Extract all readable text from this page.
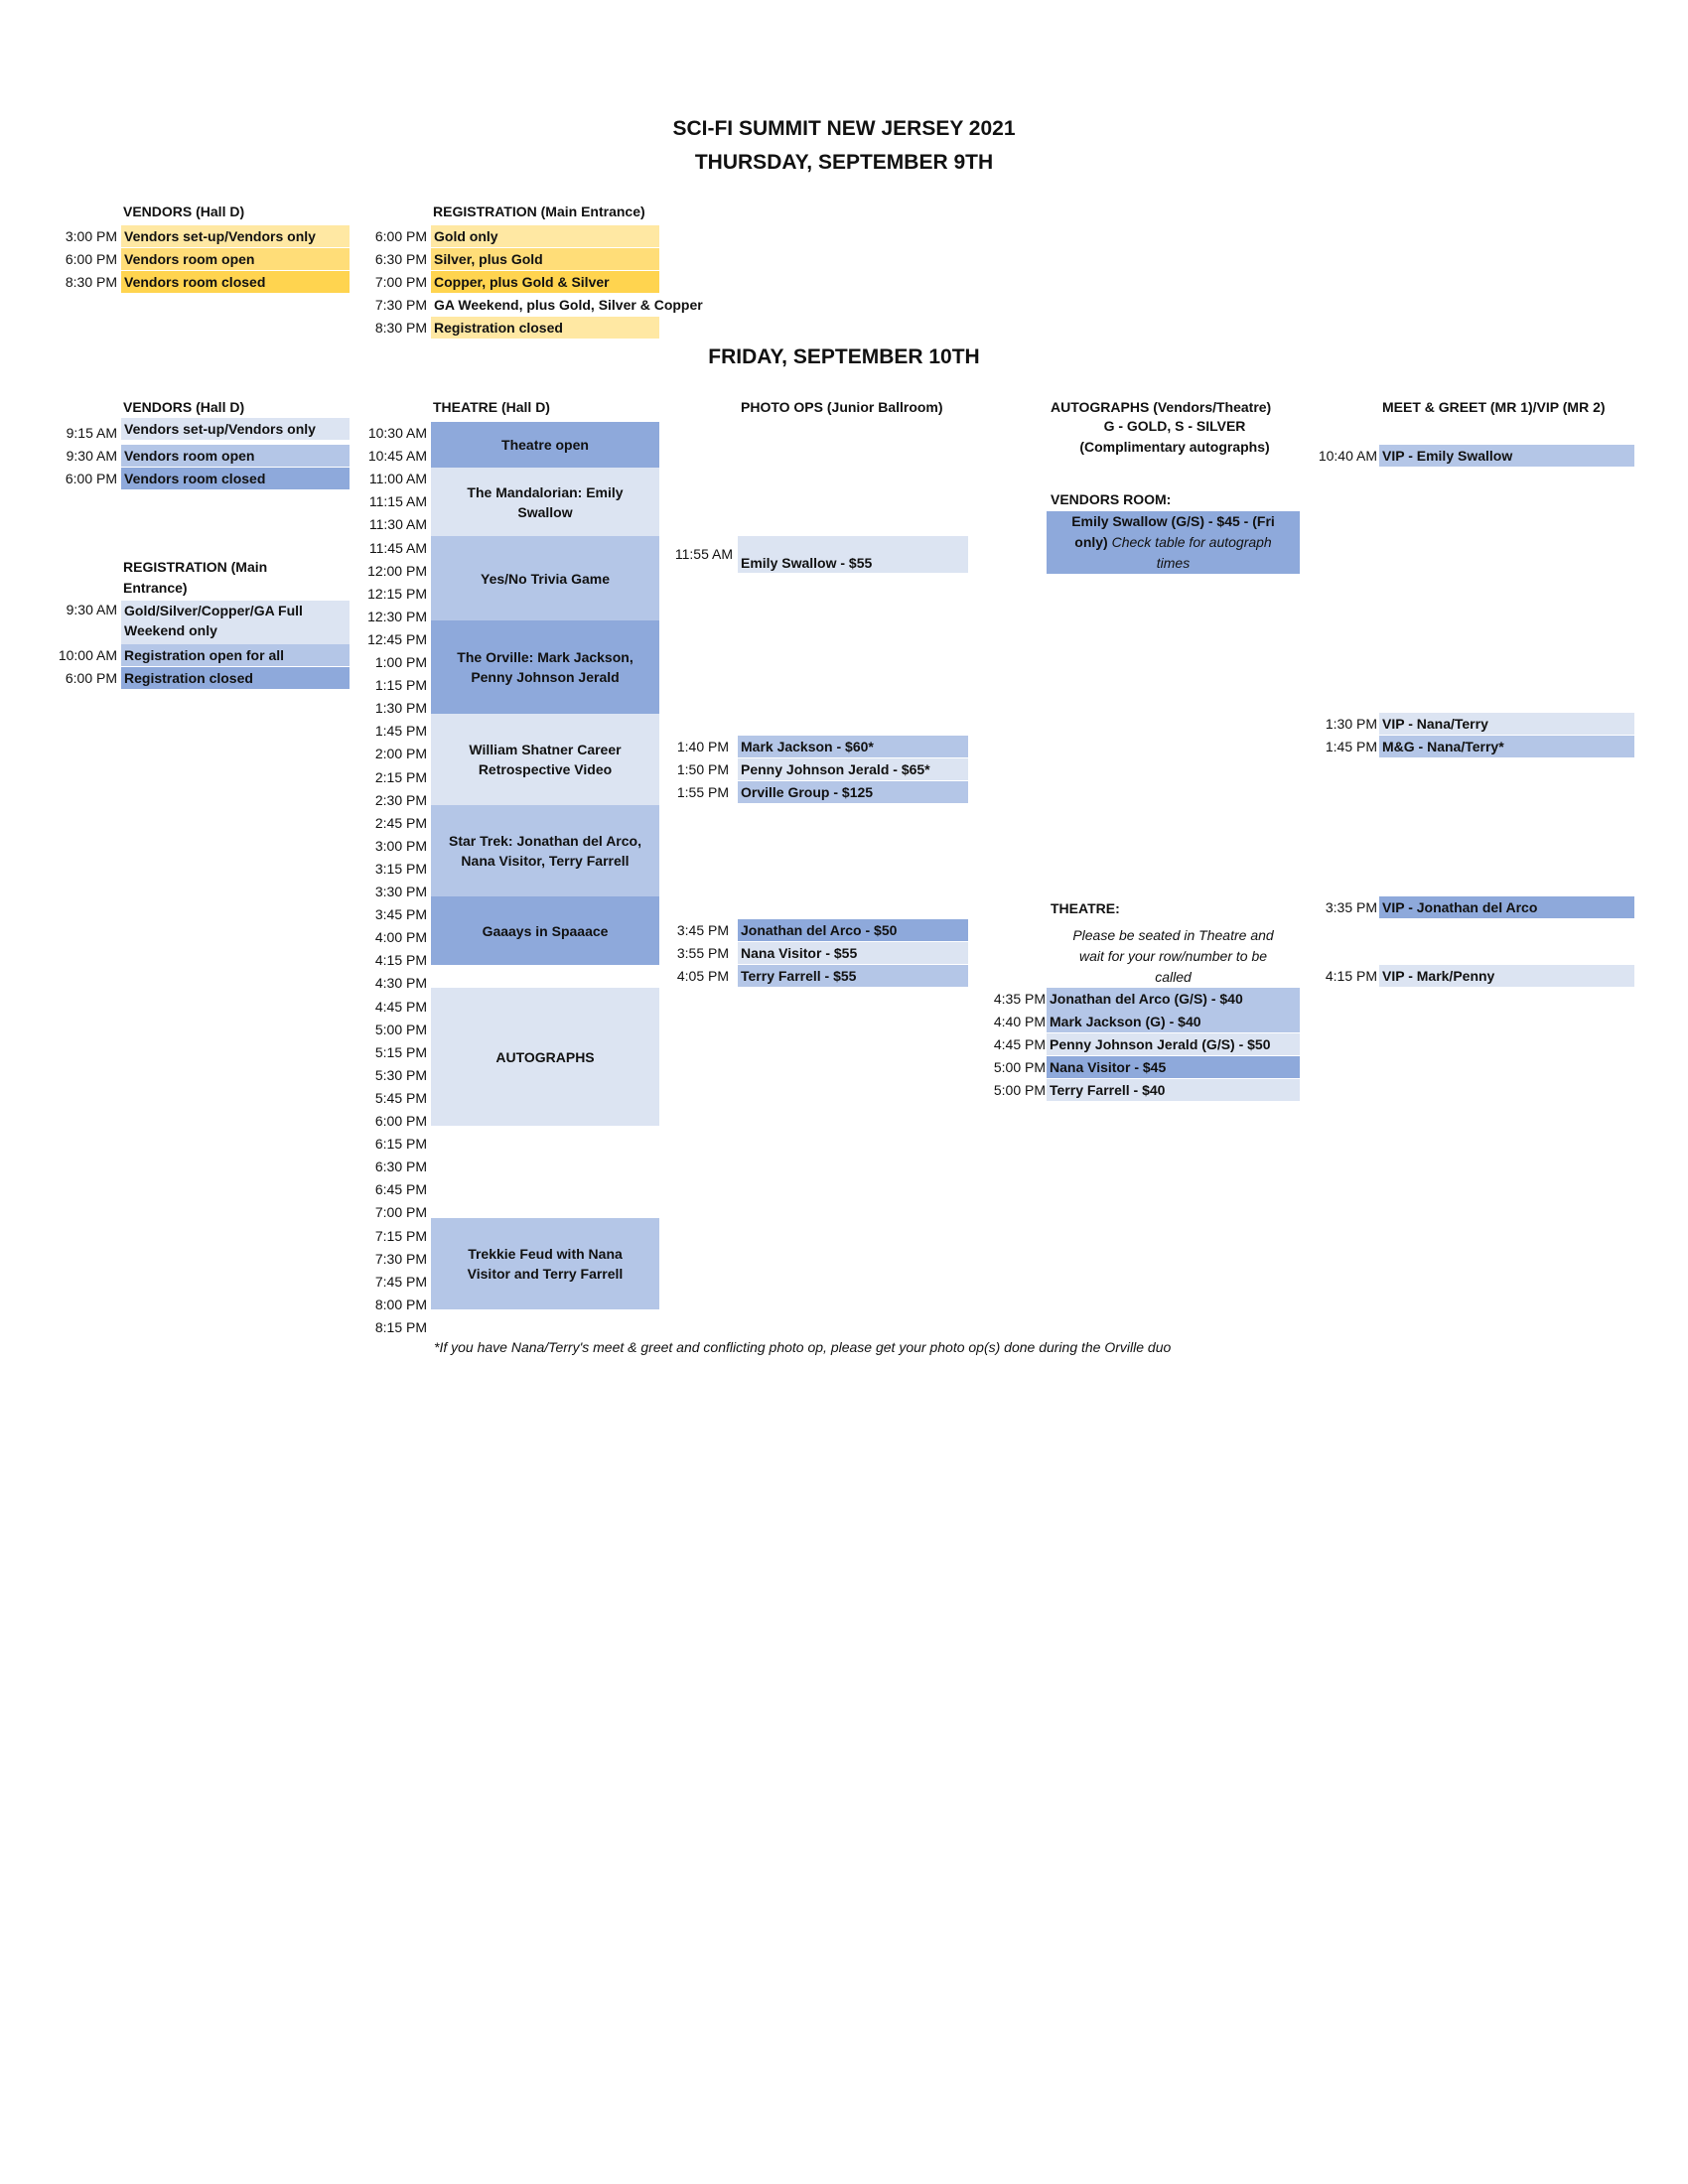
SCI-FI SUMMIT NEW JERSEY 2021
THURSDAY, SEPTEMBER 9TH
VENDORS (Hall D)
3:00 PM Vendors set-up/Vendors only
6:00 PM Vendors room open
8:30 PM Vendors room closed
REGISTRATION (Main Entrance)
6:00 PM Gold only
6:30 PM Silver, plus Gold
7:00 PM Copper, plus Gold & Silver
7:30 PM GA Weekend, plus Gold, Silver & Copper
8:30 PM Registration closed
FRIDAY, SEPTEMBER 10TH
VENDORS (Hall D)
9:15 AM Vendors set-up/Vendors only
9:30 AM Vendors room open
6:00 PM Vendors room closed
REGISTRATION (Main
Entrance)
9:30 AM Gold/Silver/Copper/GA Full
Weekend only
10:00 AM Registration open for all
6:00 PM Registration closed
THEATRE (Hall D)
10:30 AM
10:45 AM
11:00 AM
11:15 AM
11:30 AM
11:45 AM
12:00 PM
12:15 PM
12:30 PM
12:45 PM
1:00 PM
1:15 PM
1:30 PM
1:45 PM
2:00 PM
2:15 PM
2:30 PM
2:45 PM
3:00 PM
3:15 PM
3:30 PM
3:45 PM
4:00 PM
4:15 PM
4:30 PM
4:45 PM
5:00 PM
5:15 PM
5:30 PM
5:45 PM
6:00 PM
6:15 PM
6:30 PM
6:45 PM
7:00 PM
7:15 PM
7:30 PM
7:45 PM
8:00 PM
8:15 PM
Theatre open
The Mandalorian: Emily
Swallow
Yes/No Trivia Game
The Orville: Mark Jackson,
Penny Johnson Jerald
William Shatner Career
Retrospective Video
Star Trek: Jonathan del Arco,
Nana Visitor, Terry Farrell
Gaaays in Spaaace
AUTOGRAPHS
Trekkie Feud with Nana
Visitor and Terry Farrell
*If you have Nana/Terry's meet & greet and conflicting photo op, please get your photo op(s) done during the Orville duo
PHOTO OPS (Junior Ballroom)
11:55 AM
Emily Swallow - $55
1:40 PM Mark Jackson - $60*
1:50 PM Penny Johnson Jerald - $65*
1:55 PM Orville Group - $125
3:45 PM Jonathan del Arco - $50
3:55 PM Nana Visitor - $55
4:05 PM Terry Farrell - $55
AUTOGRAPHS (Vendors/Theatre)
G - GOLD, S - SILVER
(Complimentary autographs)
VENDORS ROOM:
Emily Swallow (G/S) - $45 - (Fri
only) Check table for autograph
times
THEATRE:
Please be seated in Theatre and
wait for your row/number to be
called
4:35 PM Jonathan del Arco (G/S) - $40
4:40 PM Mark Jackson (G) - $40
4:45 PM Penny Johnson Jerald (G/S) - $50
5:00 PM Nana Visitor - $45
5:00 PM Terry Farrell - $40
MEET & GREET (MR 1)/VIP (MR 2)
10:40 AM VIP - Emily Swallow
1:30 PM VIP - Nana/Terry
1:45 PM M&G - Nana/Terry*
3:35 PM VIP - Jonathan del Arco
4:15 PM VIP - Mark/Penny
